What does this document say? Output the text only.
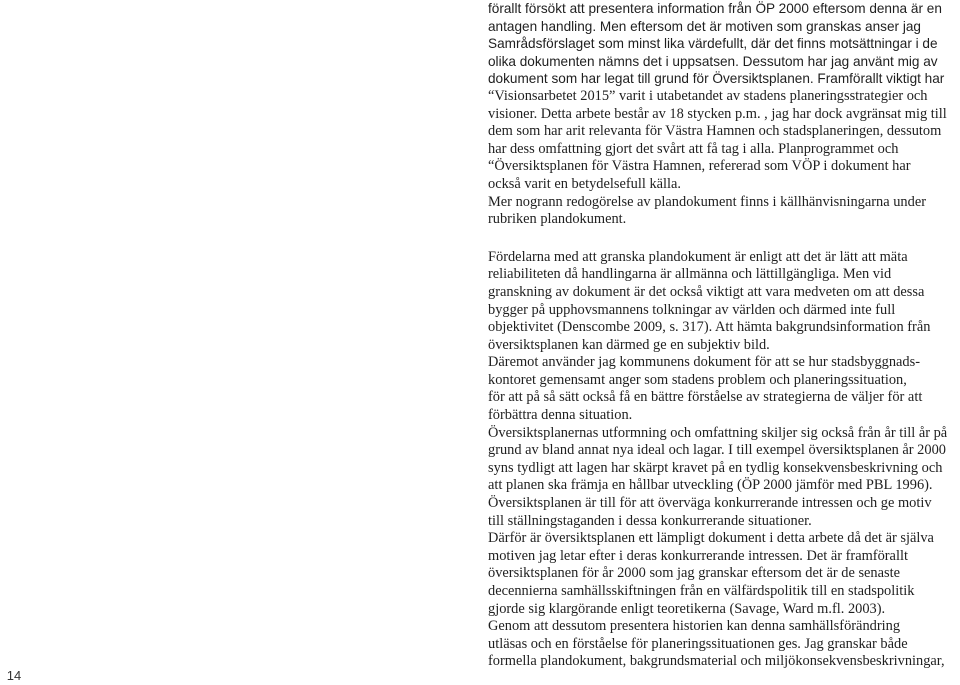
14
förallt försökt att presentera information från ÖP 2000 eftersom denna är en
antagen handling. Men eftersom det är motiven som granskas anser jag
Samrådsförslaget som minst lika värdefullt, där det finns motsättningar i de
olika dokumenten nämns det i uppsatsen. Dessutom har jag använt mig av
dokument som har legat till grund för Översiktsplanen. Framförallt viktigt har
“Visionsarbetet 2015” varit i utabetandet av stadens planeringsstrategier och
visioner. Detta arbete består av 18 stycken p.m. , jag har dock avgränsat mig till
dem som har arit relevanta för Västra Hamnen och stadsplaneringen, dessutom
har dess omfattning gjort det svårt att få tag i alla. Planprogrammet och
“Översiktsplanen för Västra Hamnen, refererad som VÖP i dokument har
också varit en betydelsefull källa.
Mer nogrann redogörelse av plandokument finns i källhänvisningarna under
rubriken plandokument.
Fördelarna med att granska plandokument är enligt att det är lätt att mäta
reliabiliteten då handlingarna är allmänna och lättillgängliga. Men vid
granskning av dokument är det också viktigt att vara medveten om att dessa
bygger på upphovsmannens tolkningar av världen och därmed inte full
objektivitet (Denscombe 2009, s. 317). Att hämta bakgrundsinformation från
översiktsplanen kan därmed ge en subjektiv bild.
Däremot använder jag kommunens dokument för att se hur stadsbyggnads-
kontoret gemensamt anger som stadens problem och planeringssituation,
för att på så sätt också få en bättre förståelse av strategierna de väljer för att
förbättra denna situation.
Översiktsplanernas utformning och omfattning skiljer sig också från år till år på
grund av bland annat nya ideal och lagar. I till exempel översiktsplanen år 2000
syns tydligt att lagen har skärpt kravet på en tydlig konsekvensbeskrivning och
att planen ska främja en hållbar utveckling (ÖP 2000 jämför med PBL 1996).
Översiktsplanen är till för att överväga konkurrerande intressen och ge motiv
till ställningstaganden i dessa konkurrerande situationer.
Därför är översiktsplanen ett lämpligt dokument i detta arbete då det är själva
motiven jag letar efter i deras konkurrerande intressen. Det är framförallt
översiktsplanen för år 2000 som jag granskar eftersom det är de senaste
decennierna samhällsskiftningen från en välfärdspolitik till en stadspolitik
gjorde sig klargörande enligt teoretikerna (Savage, Ward m.fl. 2003).
Genom att dessutom presentera historien kan denna samhällsförändring
utläsas och en förståelse för planeringssituationen ges. Jag granskar både
formella plandokument, bakgrundsmaterial och miljökonsekvensbeskrivningar,
